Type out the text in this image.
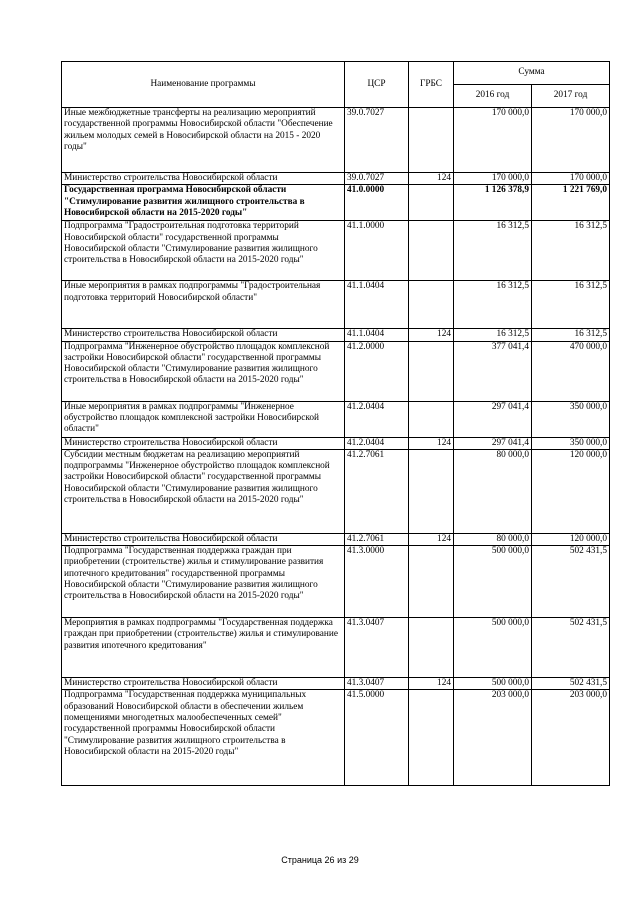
Наименование программы	ЦСР	ГРБС	Сумма	
			2016 год	2017 год
Иные межбюджетные трансферты на реализацию мероприятий государственной программы Новосибирской области "Обеспечение жильем молодых семей в Новосибирской области на 2015 - 2020 годы"	39.0.7027		170 000,0	170 000,0
Министерство строительства Новосибирской области	39.0.7027	124	170 000,0	170 000,0
Государственная программа Новосибирской области "Стимулирование развития жилищного строительства в Новосибирской области на 2015-2020 годы"	41.0.0000		1 126 378,9	1 221 769,0
Подпрограмма "Градостроительная подготовка территорий Новосибирской области" государственной программы Новосибирской области "Стимулирование развития жилищного строительства в Новосибирской области на 2015-2020 годы"	41.1.0000		16 312,5	16 312,5
Иные мероприятия в рамках подпрограммы "Градостроительная подготовка территорий Новосибирской области"	41.1.0404		16 312,5	16 312,5
Министерство строительства Новосибирской области	41.1.0404	124	16 312,5	16 312,5
Подпрограмма "Инженерное обустройство площадок комплексной застройки Новосибирской области" государственной программы Новосибирской области "Стимулирование развития жилищного строительства в Новосибирской области на 2015-2020 годы"	41.2.0000		377 041,4	470 000,0
Иные мероприятия в рамках подпрограммы "Инженерное обустройство площадок комплексной застройки Новосибирской области"	41.2.0404		297 041,4	350 000,0
Министерство строительства Новосибирской области	41.2.0404	124	297 041,4	350 000,0
Субсидии местным бюджетам на реализацию мероприятий подпрограммы "Инженерное обустройство площадок комплексной застройки Новосибирской области" государственной программы Новосибирской области "Стимулирование развития жилищного строительства в Новосибирской области на 2015-2020 годы"	41.2.7061		80 000,0	120 000,0
Министерство строительства Новосибирской области	41.2.7061	124	80 000,0	120 000,0
Подпрограмма "Государственная поддержка граждан при приобретении (строительстве) жилья и стимулирование развития ипотечного кредитования" государственной программы Новосибирской области "Стимулирование развития жилищного строительства в Новосибирской области на 2015-2020 годы"	41.3.0000		500 000,0	502 431,5
Мероприятия в рамках подпрограммы "Государственная поддержка граждан при приобретении (строительстве) жилья и стимулирование развития ипотечного кредитования"	41.3.0407		500 000,0	502 431,5
Министерство строительства Новосибирской области	41.3.0407	124	500 000,0	502 431,5
Подпрограмма "Государственная поддержка муниципальных образований Новосибирской области в обеспечении жильем помещениями многодетных малообеспеченных семей" государственной программы Новосибирской области "Стимулирование развития жилищного строительства в Новосибирской области на 2015-2020 годы"	41.5.0000		203 000,0	203 000,0
Страница 26 из 29
